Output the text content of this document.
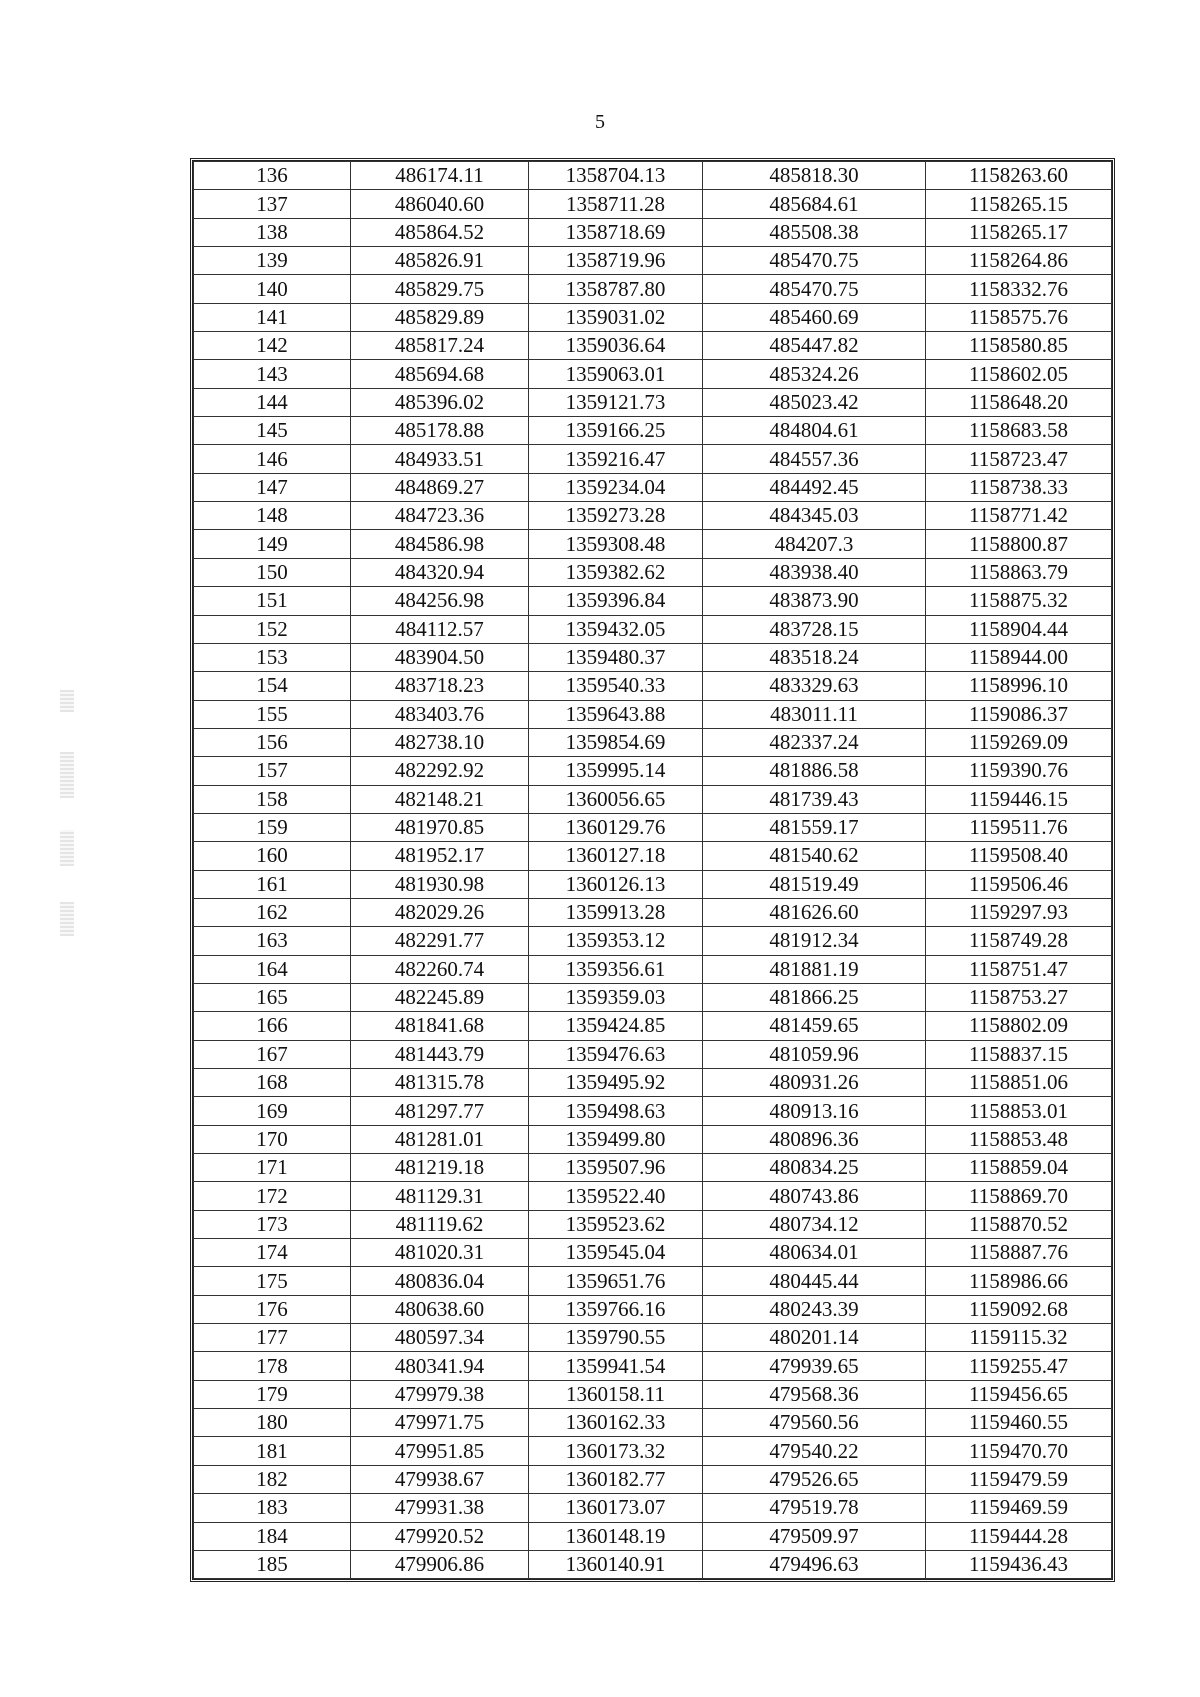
5
136	486174.11	1358704.13	485818.30	1158263.60
137	486040.60	1358711.28	485684.61	1158265.15
138	485864.52	1358718.69	485508.38	1158265.17
139	485826.91	1358719.96	485470.75	1158264.86
140	485829.75	1358787.80	485470.75	1158332.76
141	485829.89	1359031.02	485460.69	1158575.76
142	485817.24	1359036.64	485447.82	1158580.85
143	485694.68	1359063.01	485324.26	1158602.05
144	485396.02	1359121.73	485023.42	1158648.20
145	485178.88	1359166.25	484804.61	1158683.58
146	484933.51	1359216.47	484557.36	1158723.47
147	484869.27	1359234.04	484492.45	1158738.33
148	484723.36	1359273.28	484345.03	1158771.42
149	484586.98	1359308.48	484207.3	1158800.87
150	484320.94	1359382.62	483938.40	1158863.79
151	484256.98	1359396.84	483873.90	1158875.32
152	484112.57	1359432.05	483728.15	1158904.44
153	483904.50	1359480.37	483518.24	1158944.00
154	483718.23	1359540.33	483329.63	1158996.10
155	483403.76	1359643.88	483011.11	1159086.37
156	482738.10	1359854.69	482337.24	1159269.09
157	482292.92	1359995.14	481886.58	1159390.76
158	482148.21	1360056.65	481739.43	1159446.15
159	481970.85	1360129.76	481559.17	1159511.76
160	481952.17	1360127.18	481540.62	1159508.40
161	481930.98	1360126.13	481519.49	1159506.46
162	482029.26	1359913.28	481626.60	1159297.93
163	482291.77	1359353.12	481912.34	1158749.28
164	482260.74	1359356.61	481881.19	1158751.47
165	482245.89	1359359.03	481866.25	1158753.27
166	481841.68	1359424.85	481459.65	1158802.09
167	481443.79	1359476.63	481059.96	1158837.15
168	481315.78	1359495.92	480931.26	1158851.06
169	481297.77	1359498.63	480913.16	1158853.01
170	481281.01	1359499.80	480896.36	1158853.48
171	481219.18	1359507.96	480834.25	1158859.04
172	481129.31	1359522.40	480743.86	1158869.70
173	481119.62	1359523.62	480734.12	1158870.52
174	481020.31	1359545.04	480634.01	1158887.76
175	480836.04	1359651.76	480445.44	1158986.66
176	480638.60	1359766.16	480243.39	1159092.68
177	480597.34	1359790.55	480201.14	1159115.32
178	480341.94	1359941.54	479939.65	1159255.47
179	479979.38	1360158.11	479568.36	1159456.65
180	479971.75	1360162.33	479560.56	1159460.55
181	479951.85	1360173.32	479540.22	1159470.70
182	479938.67	1360182.77	479526.65	1159479.59
183	479931.38	1360173.07	479519.78	1159469.59
184	479920.52	1360148.19	479509.97	1159444.28
185	479906.86	1360140.91	479496.63	1159436.43
